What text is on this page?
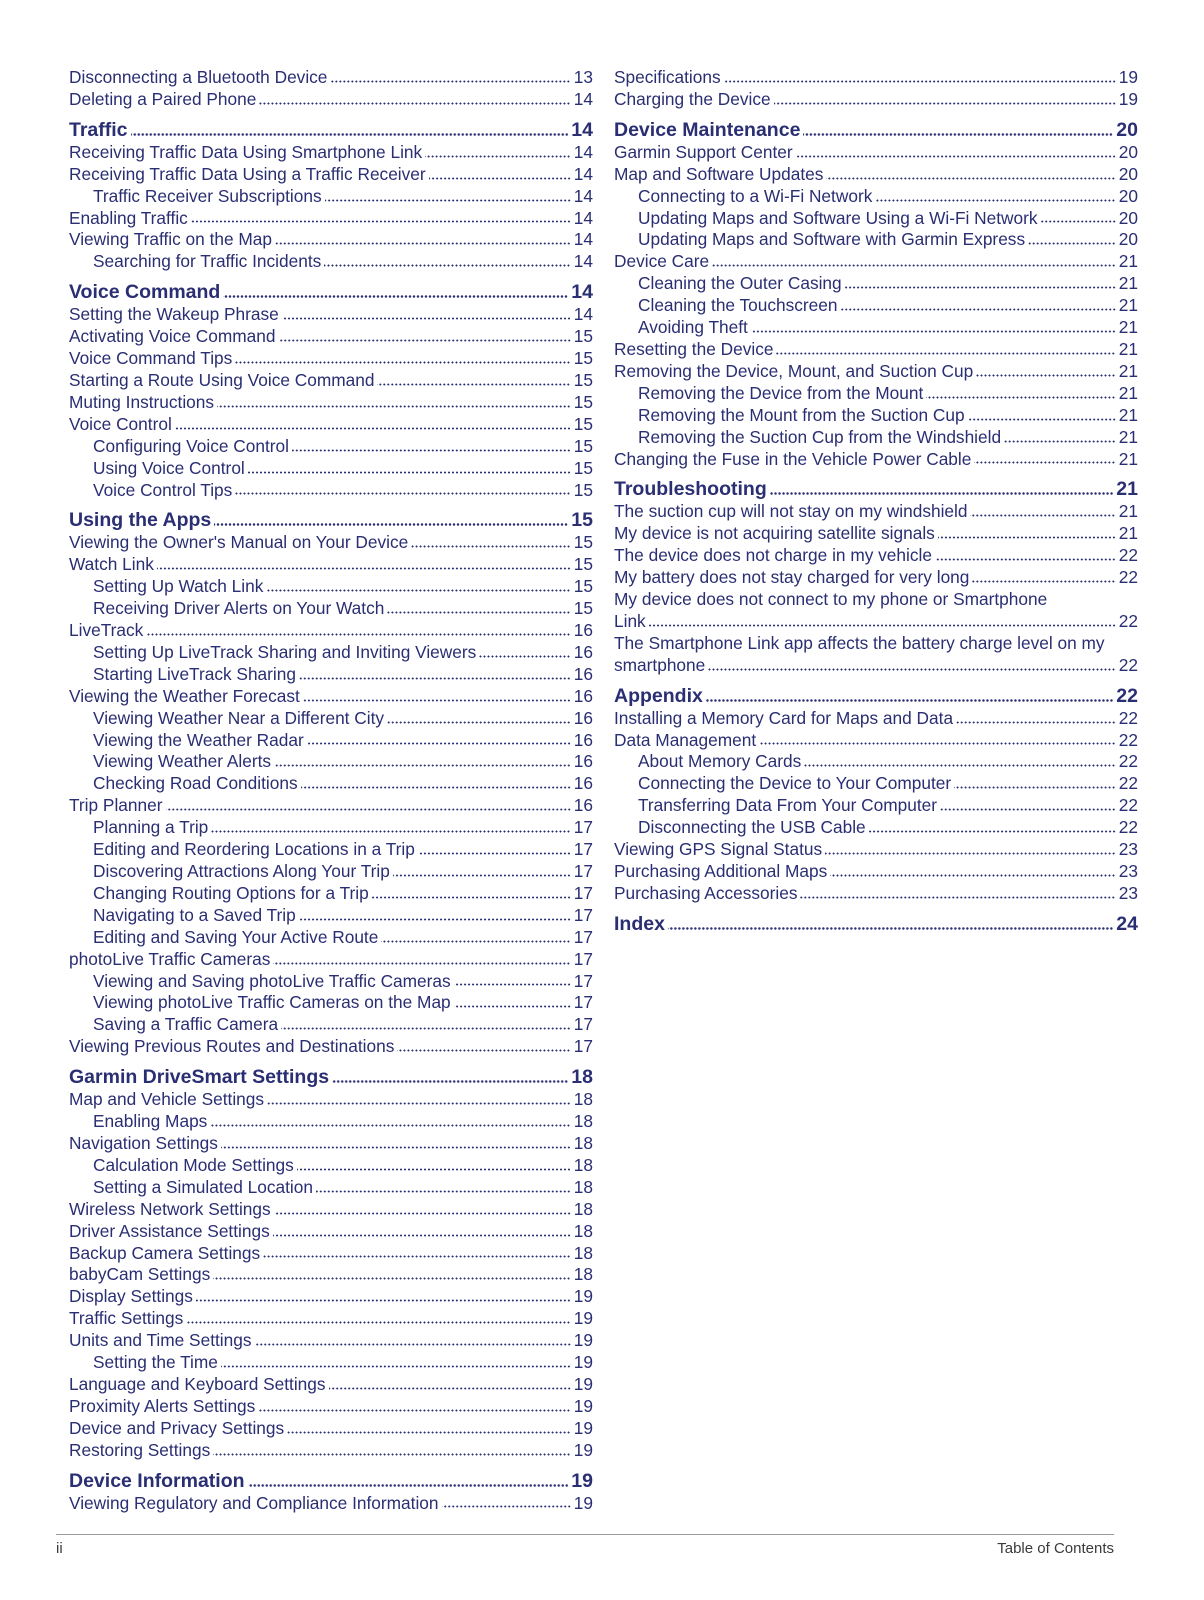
Disconnecting a Bluetooth Device	13
Deleting a Paired Phone	14
Traffic	14
Receiving Traffic Data Using Smartphone Link	14
Receiving Traffic Data Using a Traffic Receiver	14
Traffic Receiver Subscriptions	14
Enabling Traffic	14
Viewing Traffic on the Map	14
Searching for Traffic Incidents	14
Voice Command	14
Setting the Wakeup Phrase	14
Activating Voice Command	15
Voice Command Tips	15
Starting a Route Using Voice Command	15
Muting Instructions	15
Voice Control	15
Configuring Voice Control	15
Using Voice Control	15
Voice Control Tips	15
Using the Apps	15
Viewing the Owner's Manual on Your Device	15
Watch Link	15
Setting Up Watch Link	15
Receiving Driver Alerts on Your Watch	15
LiveTrack	16
Setting Up LiveTrack Sharing and Inviting Viewers	16
Starting LiveTrack Sharing	16
Viewing the Weather Forecast	16
Viewing Weather Near a Different City	16
Viewing the Weather Radar	16
Viewing Weather Alerts	16
Checking Road Conditions	16
Trip Planner	16
Planning a Trip	17
Editing and Reordering Locations in a Trip	17
Discovering Attractions Along Your Trip	17
Changing Routing Options for a Trip	17
Navigating to a Saved Trip	17
Editing and Saving Your Active Route	17
photoLive Traffic Cameras	17
Viewing and Saving photoLive Traffic Cameras	17
Viewing photoLive Traffic Cameras on the Map	17
Saving a Traffic Camera	17
Viewing Previous Routes and Destinations	17
Garmin DriveSmart Settings	18
Map and Vehicle Settings	18
Enabling Maps	18
Navigation Settings	18
Calculation Mode Settings	18
Setting a Simulated Location	18
Wireless Network Settings	18
Driver Assistance Settings	18
Backup Camera Settings	18
babyCam Settings	18
Display Settings	19
Traffic Settings	19
Units and Time Settings	19
Setting the Time	19
Language and Keyboard Settings	19
Proximity Alerts Settings	19
Device and Privacy Settings	19
Restoring Settings	19
Device Information	19
Viewing Regulatory and Compliance Information	19
Specifications	19
Charging the Device	19
Device Maintenance	20
Garmin Support Center	20
Map and Software Updates	20
Connecting to a Wi-Fi Network	20
Updating Maps and Software Using a Wi-Fi Network	20
Updating Maps and Software with Garmin Express	20
Device Care	21
Cleaning the Outer Casing	21
Cleaning the Touchscreen	21
Avoiding Theft	21
Resetting the Device	21
Removing the Device, Mount, and Suction Cup	21
Removing the Device from the Mount	21
Removing the Mount from the Suction Cup	21
Removing the Suction Cup from the Windshield	21
Changing the Fuse in the Vehicle Power Cable	21
Troubleshooting	21
The suction cup will not stay on my windshield	21
My device is not acquiring satellite signals	21
The device does not charge in my vehicle	22
My battery does not stay charged for very long	22
My device does not connect to my phone or Smartphone
Link	22
The Smartphone Link app affects the battery charge level on my
smartphone	22
Appendix	22
Installing a Memory Card for Maps and Data	22
Data Management	22
About Memory Cards	22
Connecting the Device to Your Computer	22
Transferring Data From Your Computer	22
Disconnecting the USB Cable	22
Viewing GPS Signal Status	23
Purchasing Additional Maps	23
Purchasing Accessories	23
Index	24
ii	Table of Contents
